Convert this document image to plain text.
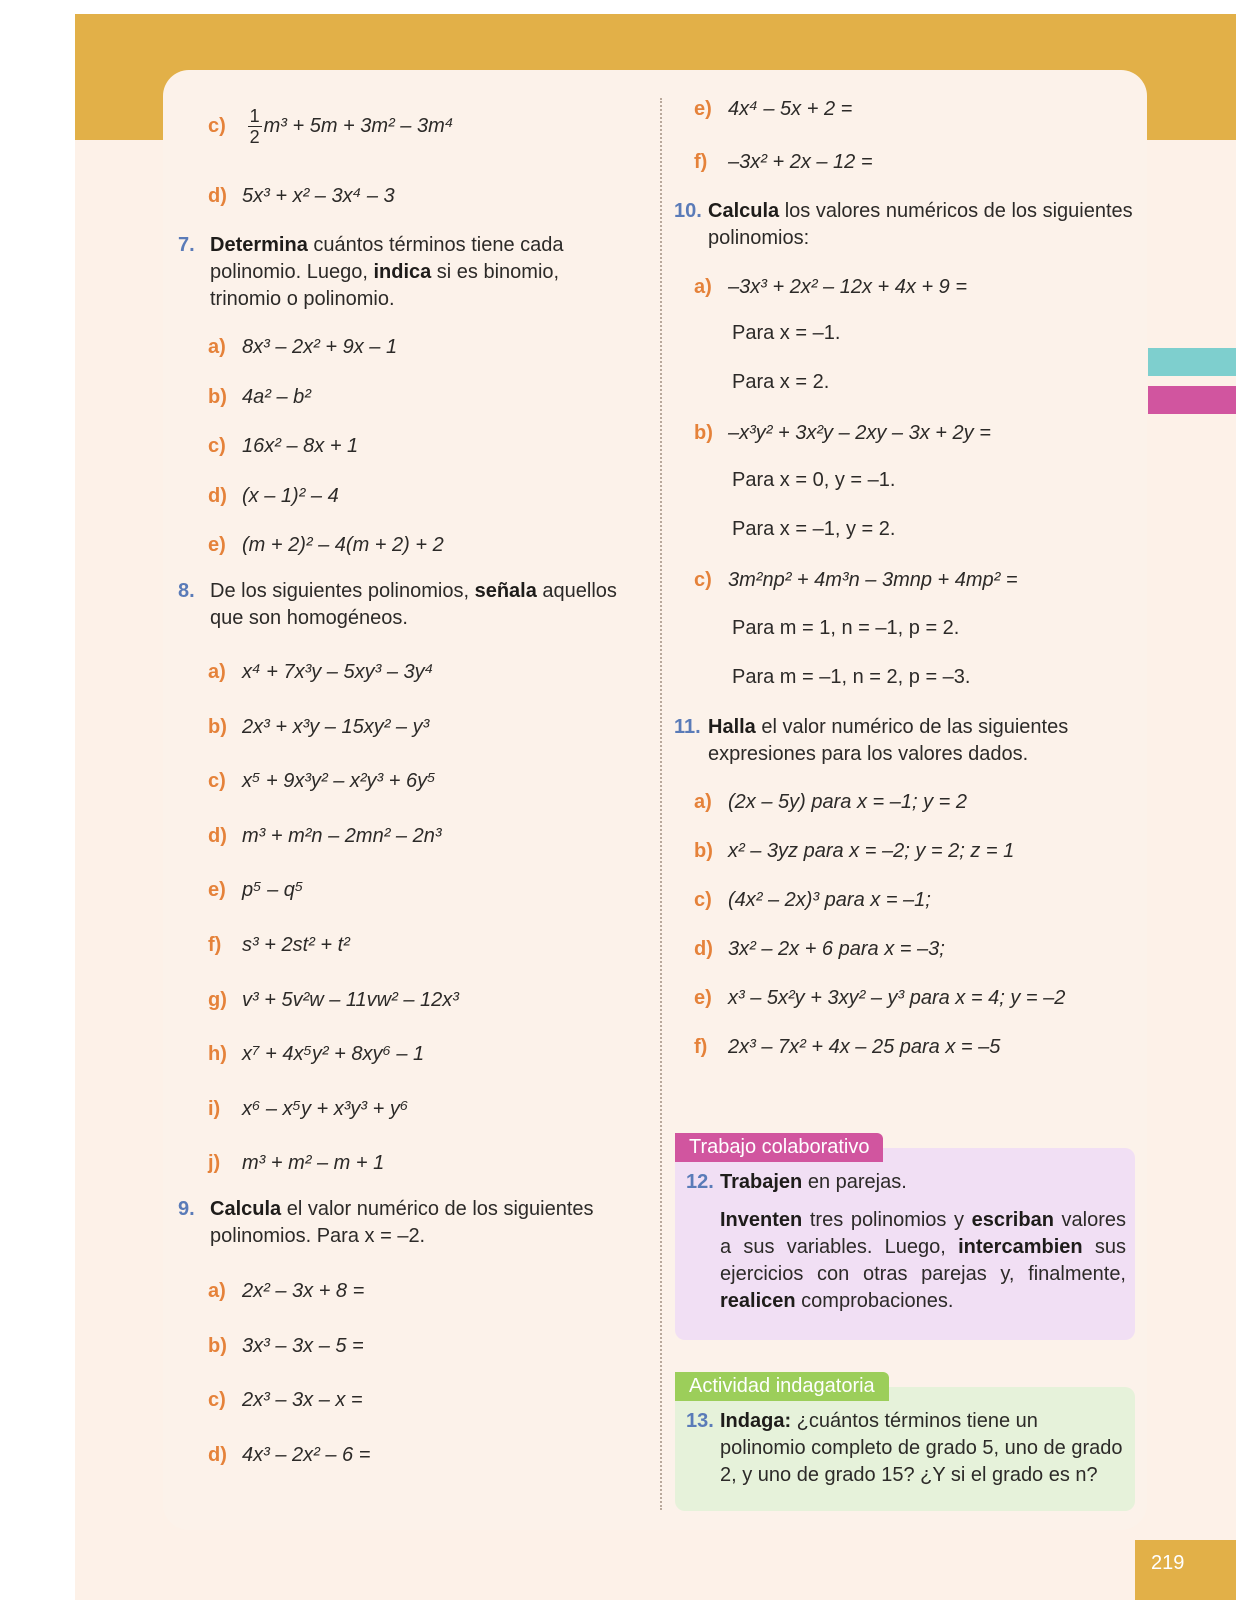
$c) \frac{1}{2} m^3 + 5m + 3m^2 - 3m^4$
d) 5x³ + x² – 3x⁴ – 3
7. Determina cuántos términos tiene cada polinomio. Luego, indica si es binomio, trinomio o polinomio.
a) 8x³ – 2x² + 9x – 1
b) 4a² – b²
c) 16x² – 8x + 1
d) (x – 1)² – 4
e) (m + 2)² – 4(m + 2) + 2
8. De los siguientes polinomios, señala aquellos que son homogéneos.
a) x⁴ + 7x³y – 5xy³ – 3y⁴
b) 2x³ + x³y – 15xy² – y³
c) x⁵ + 9x³y² – x²y³ + 6y⁵
d) m³ + m²n – 2mn² – 2n³
e) p⁵ – q⁵
f) s³ + 2st² + t²
g) v³ + 5v²w – 11vw² – 12x³
h) x⁷ + 4x⁵y² + 8xy⁶ – 1
i) x⁶ – x⁵y + x³y³ + y⁶
j) m³ + m² – m + 1
9. Calcula el valor numérico de los siguientes polinomios. Para x = –2.
a) 2x² – 3x + 8 =
b) 3x³ – 3x – 5 =
c) 2x³ – 3x – x =
d) 4x³ – 2x² – 6 =
e) 4x⁴ – 5x + 2 =
f) –3x² + 2x – 12 =
10. Calcula los valores numéricos de los siguientes polinomios:
a) –3x³ + 2x² – 12x + 4x + 9 =
Para x = –1.
Para x = 2.
b) –x³y² + 3x²y – 2xy – 3x + 2y =
Para x = 0, y = –1.
Para x = –1, y = 2.
c) 3m²np² + 4m³n – 3mnp + 4mp² =
Para m = 1, n = –1, p = 2.
Para m = –1, n = 2, p = –3.
11. Halla el valor numérico de las siguientes expresiones para los valores dados.
a) (2x – 5y) para x = –1; y = 2
b) x² – 3yz para x = –2; y = 2; z = 1
c) (4x² – 2x)³ para x = –1;
d) 3x² – 2x + 6 para x = –3;
e) x³ – 5x²y + 3xy² – y³ para x = 4; y = –2
f) 2x³ – 7x² + 4x – 25 para x = –5
Trabajo colaborativo
12. Trabajen en parejas.
Inventen tres polinomios y escriban valores a sus variables. Luego, intercambien sus ejercicios con otras parejas y, finalmente, realicen comprobaciones.
Actividad indagatoria
13. Indaga: ¿cuántos términos tiene un polinomio completo de grado 5, uno de grado 2, y uno de grado 15? ¿Y si el grado es n?
219
